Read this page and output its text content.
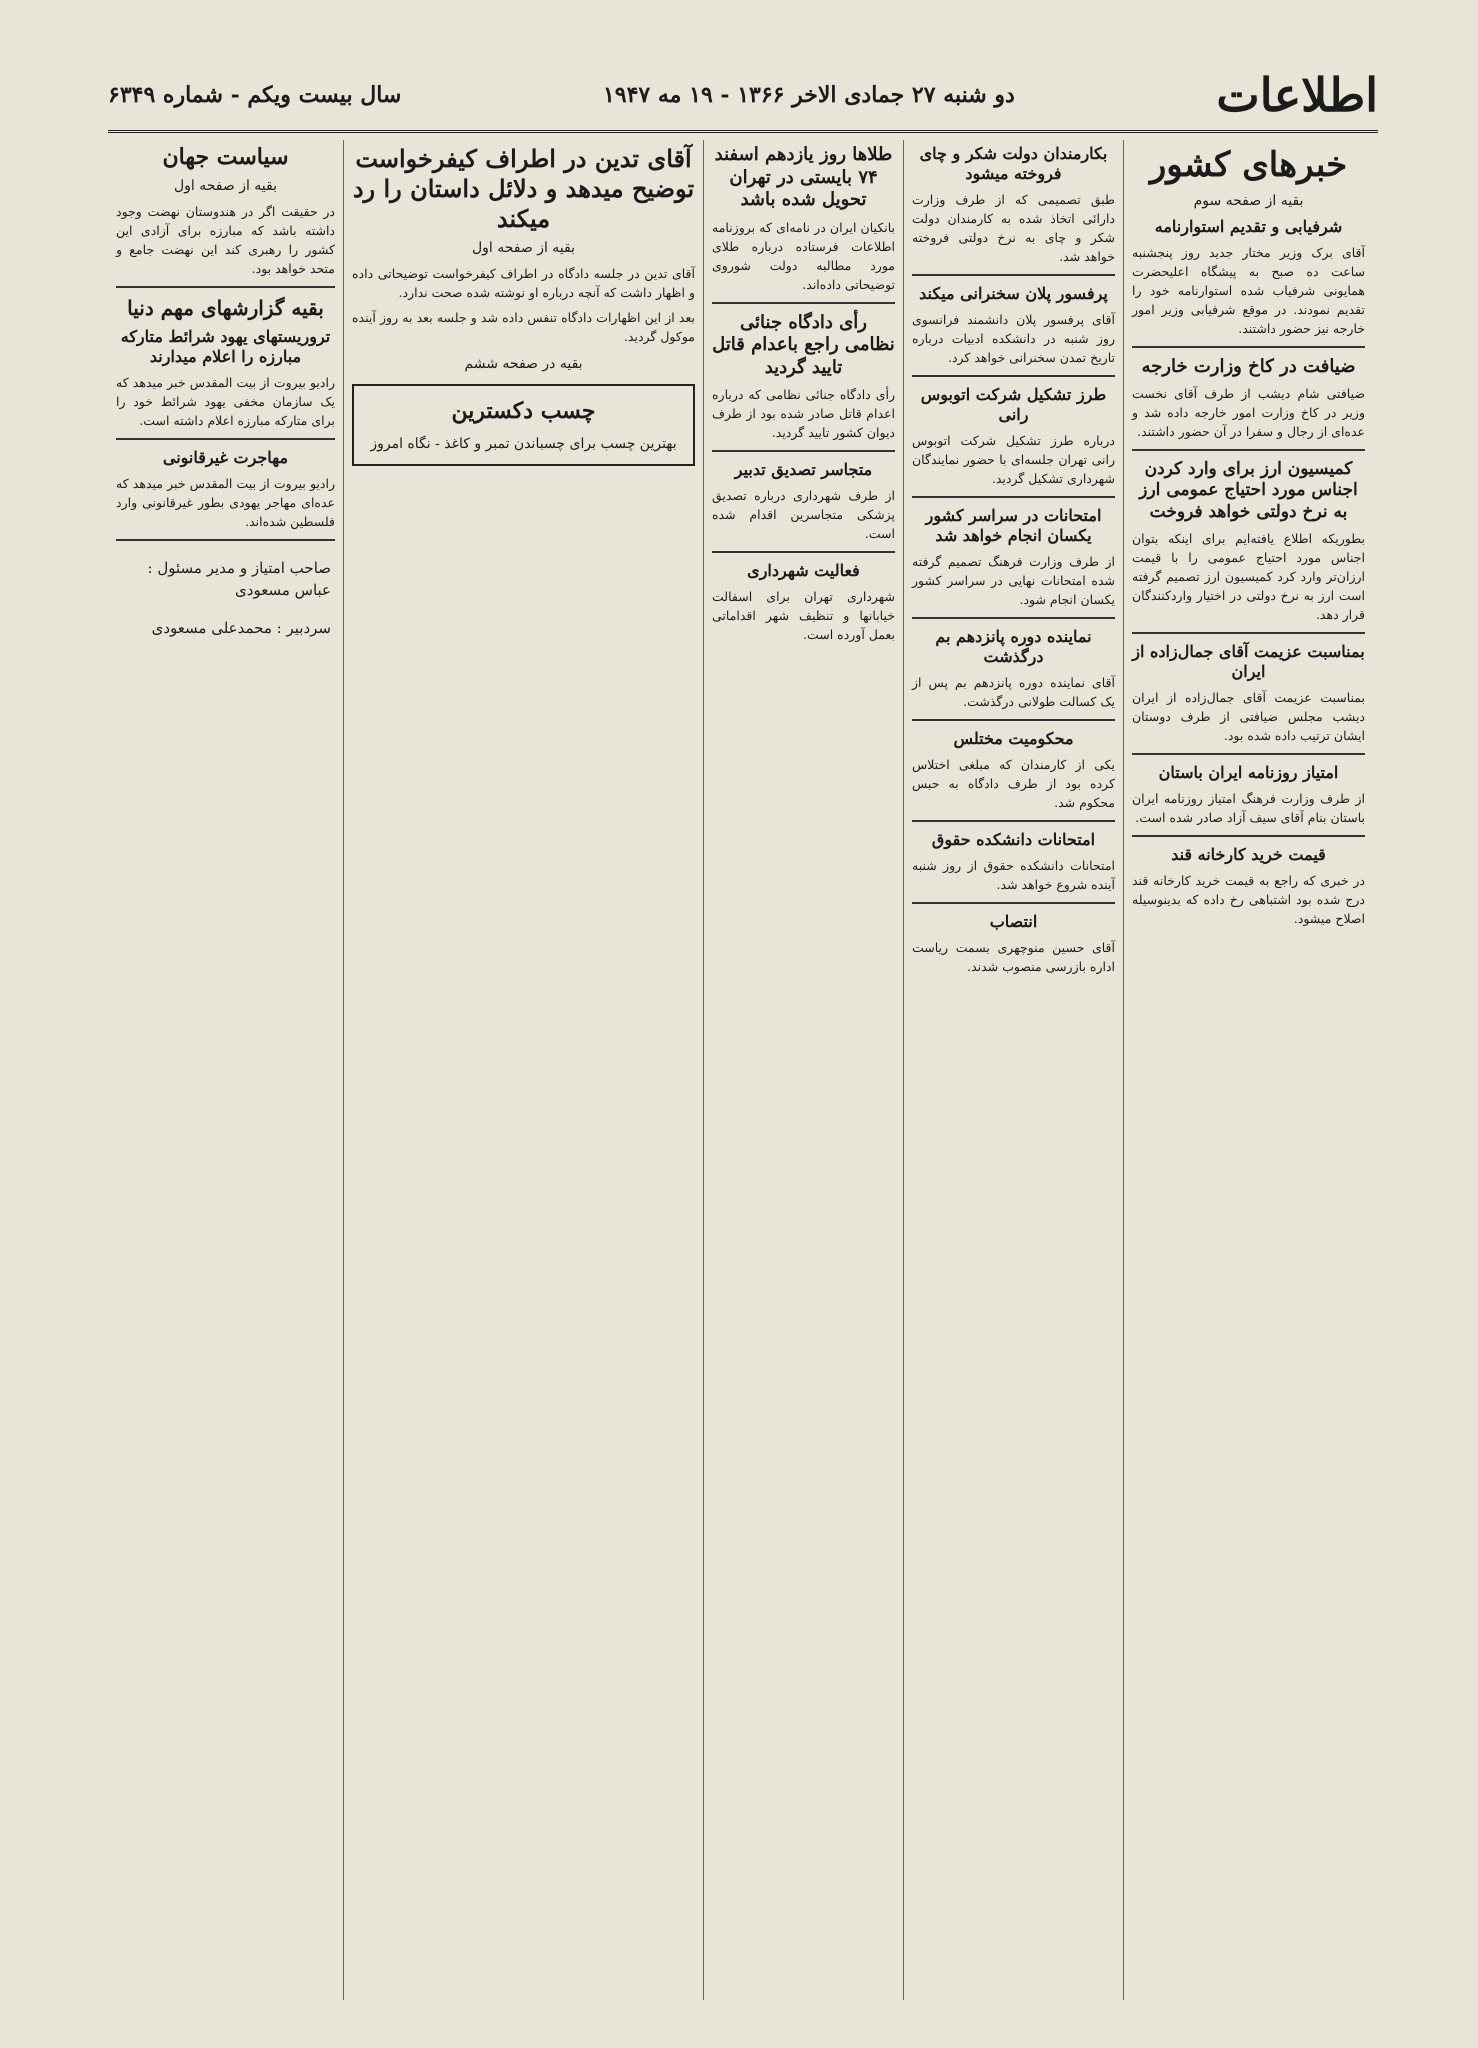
اطلاعات
دو شنبه ۲۷ جمادی الاخر ۱۳۶۶ - ۱۹ مه ۱۹۴۷
سال بیست ویکم - شماره ۶۳۴۹
خبرهای کشور
بقیه از صفحه سوم
شرفیابی و تقدیم استوارنامه

آقای برک وزیر مختار جدید روز پنجشنبه ساعت ده صبح به پیشگاه اعلیحضرت همایونی شرفیاب شده استوارنامه خود را تقدیم نمودند. در موقع شرفیابی وزیر امور خارجه نیز حضور داشتند.

ضیافت در کاخ وزارت خارجه

ضیافتی شام دیشب از طرف آقای نخست وزیر در کاخ وزارت امور خارجه داده شد و عده‌ای از رجال و سفرا در آن حضور داشتند.

کمیسیون ارز برای وارد کردن اجناس مورد احتیاج عمومی ارز به نرخ دولتی خواهد فروخت

بطوریکه اطلاع یافته‌ایم برای اینکه بتوان اجناس مورد احتیاج عمومی را با قیمت ارزان‌تر وارد کرد کمیسیون ارز تصمیم گرفته است ارز به نرخ دولتی در اختیار واردکنندگان قرار دهد.

بمناسبت عزیمت آقای جمال‌زاده از ایران

بمناسبت عزیمت آقای جمال‌زاده از ایران دیشب مجلس ضیافتی از طرف دوستان ایشان ترتیب داده شده بود.

امتیاز روزنامه ایران باستان

از طرف وزارت فرهنگ امتیاز روزنامه ایران باستان بنام آقای سیف آزاد صادر شده است.

قیمت خرید کارخانه قند

در خبری که راجع به قیمت خرید کارخانه قند درج شده بود اشتباهی رخ داده که بدینوسیله اصلاح میشود.

بکارمندان دولت شکر و چای فروخته میشود

طبق تصمیمی که از طرف وزارت دارائی اتخاذ شده به کارمندان دولت شکر و چای به نرخ دولتی فروخته خواهد شد.

پرفسور پلان سخنرانی میکند

آقای پرفسور پلان دانشمند فرانسوی روز شنبه در دانشکده ادبیات درباره تاریخ تمدن سخنرانی خواهد کرد.

طرز تشکیل شرکت اتوبوس رانی

درباره طرز تشکیل شرکت اتوبوس رانی تهران جلسه‌ای با حضور نمایندگان شهرداری تشکیل گردید.

امتحانات در سراسر کشور یکسان انجام خواهد شد

از طرف وزارت فرهنگ تصمیم گرفته شده امتحانات نهایی در سراسر کشور یکسان انجام شود.

نماینده دوره پانزدهم بم درگذشت

آقای نماینده دوره پانزدهم بم پس از یک کسالت طولانی درگذشت.

محکومیت مختلس

یکی از کارمندان که مبلغی اختلاس کرده بود از طرف دادگاه به حبس محکوم شد.

امتحانات دانشکده حقوق

امتحانات دانشکده حقوق از روز شنبه آینده شروع خواهد شد.

انتصاب

آقای حسین منوچهری بسمت ریاست اداره بازرسی منصوب شدند.

طلاها روز یازدهم اسفند ۷۴ بایستی در تهران تحویل شده باشد

بانکیان ایران در نامه‌ای که بروزنامه اطلاعات فرستاده درباره طلای مورد مطالبه دولت شوروی توضیحاتی داده‌اند.

رأی دادگاه جنائی نظامی راجع باعدام قاتل تایید گردید

رأی دادگاه جنائی نظامی که درباره اعدام قاتل صادر شده بود از طرف دیوان کشور تایید گردید.

متجاسر تصدیق تدبیر

از طرف شهرداری درباره تصدیق پزشکی متجاسرین اقدام شده است.

فعالیت شهرداری

شهرداری تهران برای اسفالت خیابانها و تنظیف شهر اقداماتی بعمل آورده است.

آقای تدین در اطراف کیفرخواست توضیح میدهد و دلائل داستان را رد میکند
بقیه از صفحه اول

آقای تدین در جلسه دادگاه در اطراف کیفرخواست توضیحاتی داده و اظهار داشت که آنچه درباره او نوشته شده صحت ندارد.

بعد از این اظهارات دادگاه تنفس داده شد و جلسه بعد به روز آینده موکول گردید.

بقیه در صفحه ششم
چسب دکسترین
بهترین چسب برای چسباندن تمبر و کاغذ - نگاه امروز
سیاست جهان
بقیه از صفحه اول

در حقیقت اگر در هندوستان نهضت وجود داشته باشد که مبارزه برای آزادی این کشور را رهبری کند این نهضت جامع و متحد خواهد بود.

بقیه گزارشهای مهم دنیا
تروریستهای یهود شرائط متارکه مبارزه را اعلام میدارند

رادیو بیروت از بیت المقدس خبر میدهد که یک سازمان مخفی یهود شرائط خود را برای متارکه مبارزه اعلام داشته است.

مهاجرت غیرقانونی

رادیو بیروت از بیت المقدس خبر میدهد که عده‌ای مهاجر یهودی بطور غیرقانونی وارد فلسطین شده‌اند.

صاحب امتیاز و مدیر مسئول : عباس مسعودی
سردبیر : محمدعلی مسعودی
